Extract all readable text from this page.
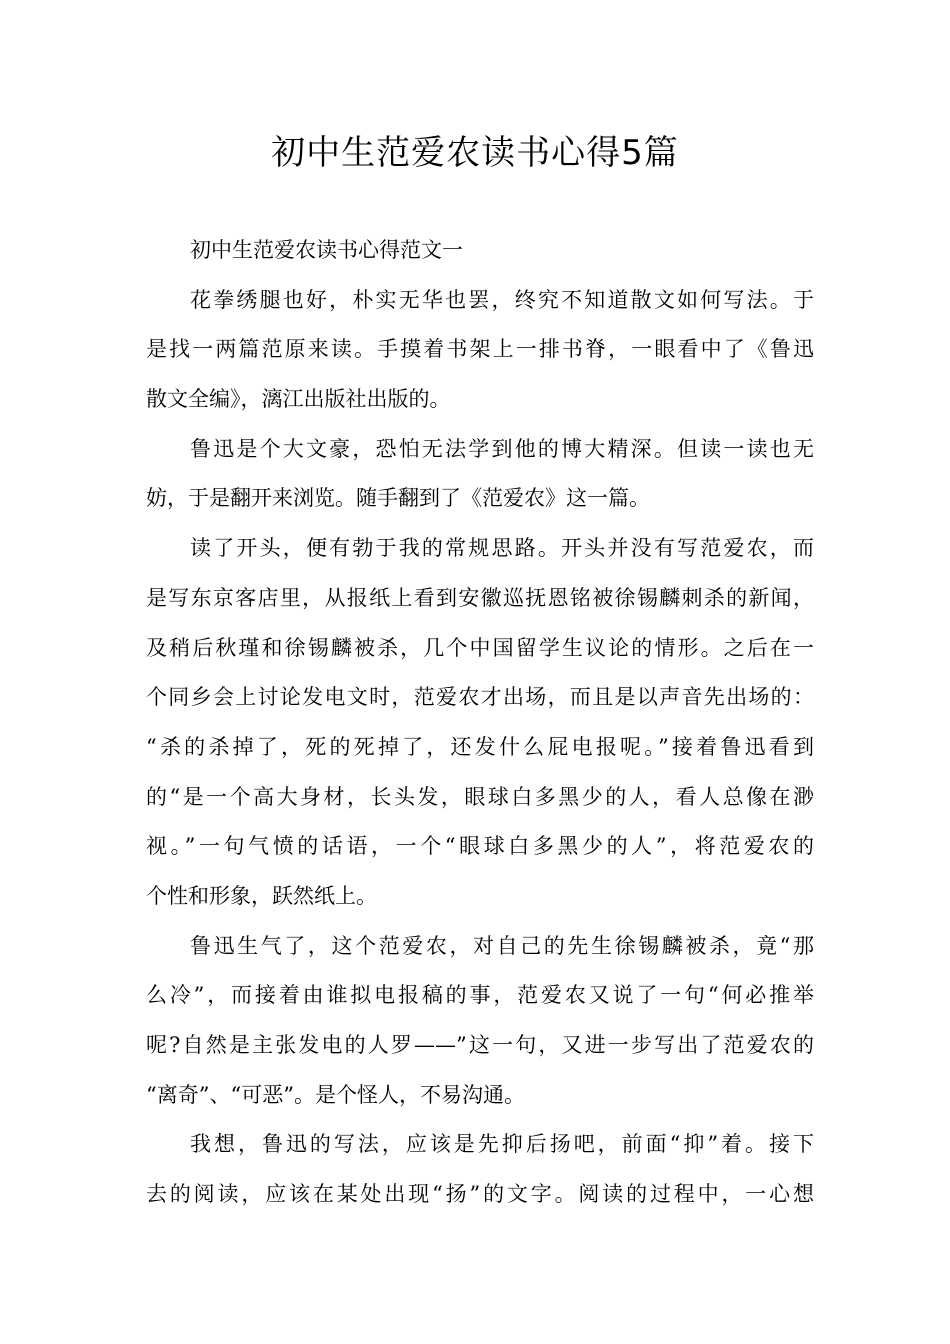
初中生范爱农读书心得5篇
初中生范爱农读书心得范文一
花拳绣腿也好，朴实无华也罢，终究不知道散文如何写法。于
是找一两篇范原来读。手摸着书架上一排书脊，一眼看中了《鲁迅
散文全编》，漓江出版社出版的。
鲁迅是个大文豪，恐怕无法学到他的博大精深。但读一读也无
妨，于是翻开来浏览。随手翻到了《范爱农》这一篇。
读了开头，便有勃于我的常规思路。开头并没有写范爱农，而
是写东京客店里，从报纸上看到安徽巡抚恩铭被徐锡麟刺杀的新闻，
及稍后秋瑾和徐锡麟被杀，几个中国留学生议论的情形。之后在一
个同乡会上讨论发电文时，范爱农才出场，而且是以声音先出场的：
“杀的杀掉了，死的死掉了，还发什么屁电报呢。”接着鲁迅看到
的“是一个高大身材，长头发，眼球白多黑少的人，看人总像在渺
视。”一句气愤的话语，一个“眼球白多黑少的人”，将范爱农的
个性和形象，跃然纸上。
鲁迅生气了，这个范爱农，对自己的先生徐锡麟被杀，竟“那
么冷”，而接着由谁拟电报稿的事，范爱农又说了一句“何必推举
呢?自然是主张发电的人罗——”这一句，又进一步写出了范爱农的
“离奇”、“可恶”。是个怪人，不易沟通。
我想，鲁迅的写法，应该是先抑后扬吧，前面“抑”着。接下
去的阅读，应该在某处出现“扬”的文字。阅读的过程中，一心想
